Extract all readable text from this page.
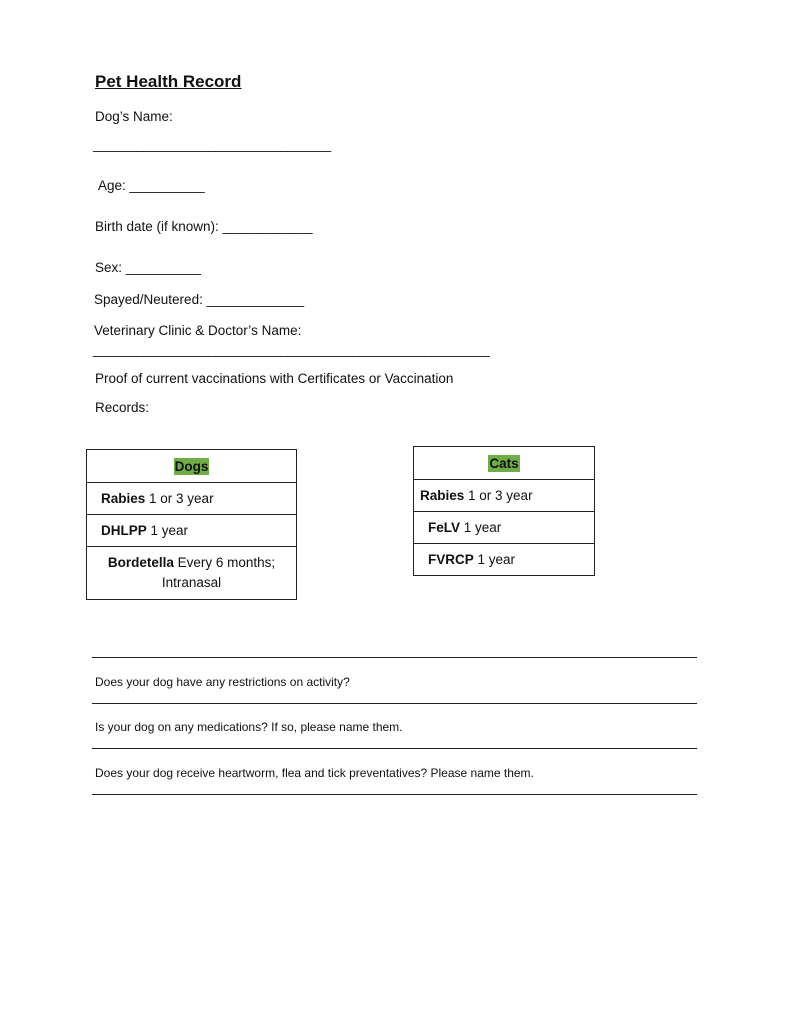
Pet Health Record
Dog’s Name:
_________________________________
Age: __________
Birth date (if known): ____________
Sex: __________
Spayed/Neutered: _____________
Veterinary Clinic & Doctor’s Name:
_______________________________________________________
Proof of current vaccinations with Certificates or Vaccination
Records:
Dogs
Rabies 1 or 3 year
DHLPP 1 year
Bordetella Every 6 months;
Intranasal
Cats
Rabies 1 or 3 year
FeLV 1 year
FVRCP 1 year
Does your dog have any restrictions on activity?
Is your dog on any medications? If so, please name them.
Does your dog receive heartworm, flea and tick preventatives? Please name them.
